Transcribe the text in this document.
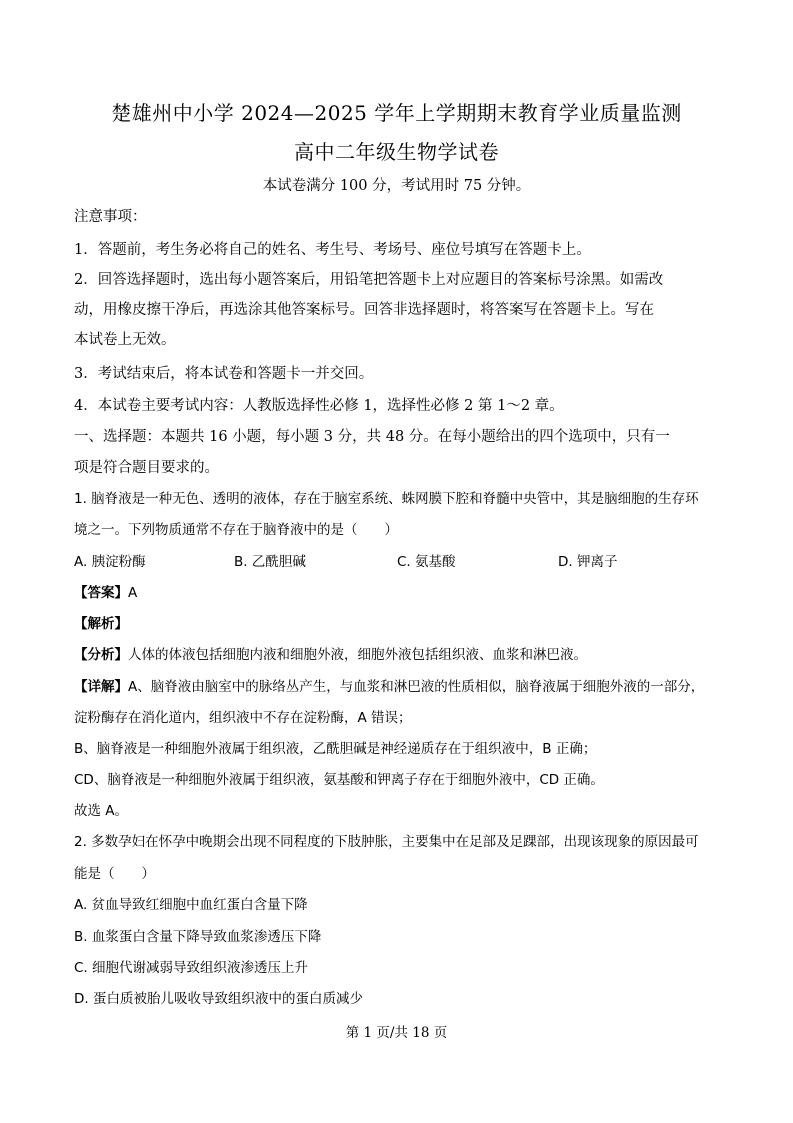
楚雄州中小学 2024—2025 学年上学期期末教育学业质量监测
高中二年级生物学试卷
本试卷满分 100 分，考试用时 75 分钟。
注意事项：
1．答题前，考生务必将自己的姓名、考生号、考场号、座位号填写在答题卡上。
2．回答选择题时，选出每小题答案后，用铅笔把答题卡上对应题目的答案标号涂黑。如需改
动，用橡皮擦干净后，再选涂其他答案标号。回答非选择题时，将答案写在答题卡上。写在
本试卷上无效。
3．考试结束后，将本试卷和答题卡一并交回。
4．本试卷主要考试内容：人教版选择性必修 1，选择性必修 2 第 1～2 章。
一、选择题：本题共 16 小题，每小题 3 分，共 48 分。在每小题给出的四个选项中，只有一
项是符合题目要求的。
1. 脑脊液是一种无色、透明的液体，存在于脑室系统、蛛网膜下腔和脊髓中央管中，其是脑细胞的生存环
境之一。下列物质通常不存在于脑脊液中的是（　　）
A. 胰淀粉酶	B. 乙酰胆碱	C. 氨基酸	D. 钾离子
【答案】A
【解析】
【分析】人体的体液包括细胞内液和细胞外液，细胞外液包括组织液、血浆和淋巴液。
【详解】A、脑脊液由脑室中的脉络丛产生，与血浆和淋巴液的性质相似，脑脊液属于细胞外液的一部分，
淀粉酶存在消化道内，组织液中不存在淀粉酶，A 错误；
B、脑脊液是一种细胞外液属于组织液，乙酰胆碱是神经递质存在于组织液中，B 正确；
CD、脑脊液是一种细胞外液属于组织液，氨基酸和钾离子存在于细胞外液中，CD 正确。
故选 A。
2. 多数孕妇在怀孕中晚期会出现不同程度的下肢肿胀，主要集中在足部及足踝部，出现该现象的原因最可
能是（　　）
A. 贫血导致红细胞中血红蛋白含量下降
B. 血浆蛋白含量下降导致血浆渗透压下降
C. 细胞代谢减弱导致组织液渗透压上升
D. 蛋白质被胎儿吸收导致组织液中的蛋白质减少
第 1 页/共 18 页
